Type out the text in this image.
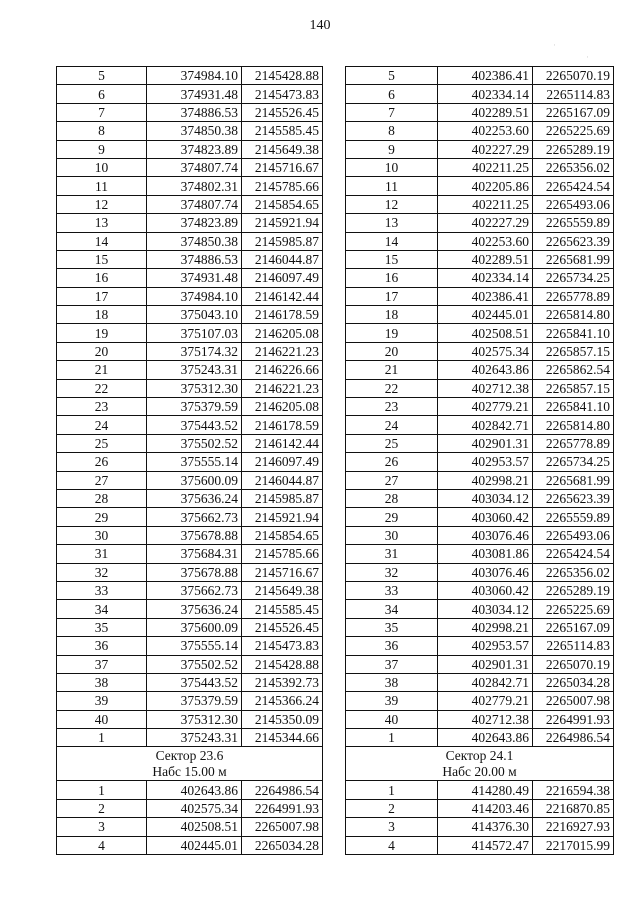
140
5	374984.10	2145428.88
6	374931.48	2145473.83
7	374886.53	2145526.45
8	374850.38	2145585.45
9	374823.89	2145649.38
10	374807.74	2145716.67
11	374802.31	2145785.66
12	374807.74	2145854.65
13	374823.89	2145921.94
14	374850.38	2145985.87
15	374886.53	2146044.87
16	374931.48	2146097.49
17	374984.10	2146142.44
18	375043.10	2146178.59
19	375107.03	2146205.08
20	375174.32	2146221.23
21	375243.31	2146226.66
22	375312.30	2146221.23
23	375379.59	2146205.08
24	375443.52	2146178.59
25	375502.52	2146142.44
26	375555.14	2146097.49
27	375600.09	2146044.87
28	375636.24	2145985.87
29	375662.73	2145921.94
30	375678.88	2145854.65
31	375684.31	2145785.66
32	375678.88	2145716.67
33	375662.73	2145649.38
34	375636.24	2145585.45
35	375600.09	2145526.45
36	375555.14	2145473.83
37	375502.52	2145428.88
38	375443.52	2145392.73
39	375379.59	2145366.24
40	375312.30	2145350.09
1	375243.31	2145344.66

Сектор 23.6
Набс 15.00 м		

1	402643.86	2264986.54
2	402575.34	2264991.93
3	402508.51	2265007.98
4	402445.01	2265034.28
5	402386.41	2265070.19
6	402334.14	2265114.83
7	402289.51	2265167.09
8	402253.60	2265225.69
9	402227.29	2265289.19
10	402211.25	2265356.02
11	402205.86	2265424.54
12	402211.25	2265493.06
13	402227.29	2265559.89
14	402253.60	2265623.39
15	402289.51	2265681.99
16	402334.14	2265734.25
17	402386.41	2265778.89
18	402445.01	2265814.80
19	402508.51	2265841.10
20	402575.34	2265857.15
21	402643.86	2265862.54
22	402712.38	2265857.15
23	402779.21	2265841.10
24	402842.71	2265814.80
25	402901.31	2265778.89
26	402953.57	2265734.25
27	402998.21	2265681.99
28	403034.12	2265623.39
29	403060.42	2265559.89
30	403076.46	2265493.06
31	403081.86	2265424.54
32	403076.46	2265356.02
33	403060.42	2265289.19
34	403034.12	2265225.69
35	402998.21	2265167.09
36	402953.57	2265114.83
37	402901.31	2265070.19
38	402842.71	2265034.28
39	402779.21	2265007.98
40	402712.38	2264991.93
1	402643.86	2264986.54

Сектор 24.1
Набс 20.00 м		

1	414280.49	2216594.38
2	414203.46	2216870.85
3	414376.30	2216927.93
4	414572.47	2217015.99
·
·
